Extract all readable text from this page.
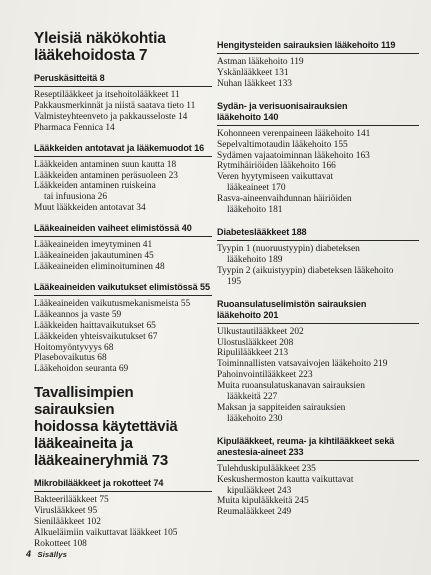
Yleisiä näkökohtia
lääkehoidosta 7
Peruskäsitteitä 8
Reseptilääkkeet ja itsehoitolääkkeet 11
Pakkausmerkinnät ja niistä saatava tieto 11
Valmisteyhteenveto ja pakkausseloste 14
Pharmaca Fennica 14
Lääkkeiden antotavat ja lääkemuodot 16
Lääkkeiden antaminen suun kautta 18
Lääkkeiden antaminen peräsuoleen 23
Lääkkeiden antaminen ruiskeina
tai infuusiona 26
Muut lääkkeiden antotavat 34
Lääkeaineiden vaiheet elimistössä 40
Lääkeaineiden imeytyminen 41
Lääkeaineiden jakautuminen 45
Lääkeaineiden eliminoituminen 48
Lääkeaineiden vaikutukset elimistössä 55
Lääkeaineiden vaikutusmekanismeista 55
Lääkeannos ja vaste 59
Lääkkeiden haittavaikutukset 65
Lääkkeiden yhteisvaikutukset 67
Hoitomyöntyvyys 68
Plasebovaikutus 68
Lääkehoidon seuranta 69
Tavallisimpien sairauksien
hoidossa käytettäviä
lääkeaineita ja
lääkeaineryhmiä 73
Mikrobilääkkeet ja rokotteet 74
Bakteerilääkkeet 75
Viruslääkkeet 95
Sienilääkkeet 102
Alkueläimiin vaikuttavat lääkkeet 105
Rokotteet 108
Hengitysteiden sairauksien lääkehoito 119
Astman lääkehoito 119
Yskänlääkkeet 131
Nuhan lääkkeet 133
Sydän- ja verisuonisairauksien
lääkehoito 140
Kohonneen verenpaineen lääkehoito 141
Sepelvaltimotaudin lääkehoito 155
Sydämen vajaatoiminnan lääkehoito 163
Rytmihäiriöiden lääkehoito 166
Veren hyytymiseen vaikuttavat
lääkeaineet 170
Rasva-aineenvaihdunnan häiriöiden
lääkehoito 181
Diabeteslääkkeet 188
Tyypin 1 (nuoruustyypin) diabeteksen
lääkehoito 189
Tyypin 2 (aikuistyypin) diabeteksen lääkehoito
195
Ruoansulatuselimistön sairauksien
lääkehoito 201
Ulkustautilääkkeet 202
Ulostuslääkkeet 208
Ripulilääkkeet 213
Toiminnallisten vatsavaivojen lääkehoito 219
Pahoinvointilääkkeet 223
Muita ruoansulatuskanavan sairauksien
lääkkeitä 227
Maksan ja sappiteiden sairauksien
lääkehoito 230
Kipulääkkeet, reuma- ja kihtilääkkeet sekä
anestesia-aineet 233
Tulehduskipulääkkeet 235
Keskushermoston kautta vaikuttavat
kipulääkkeet 243
Muita kipulääkkeitä 245
Reumalääkkeet 249
4 Sisällys
